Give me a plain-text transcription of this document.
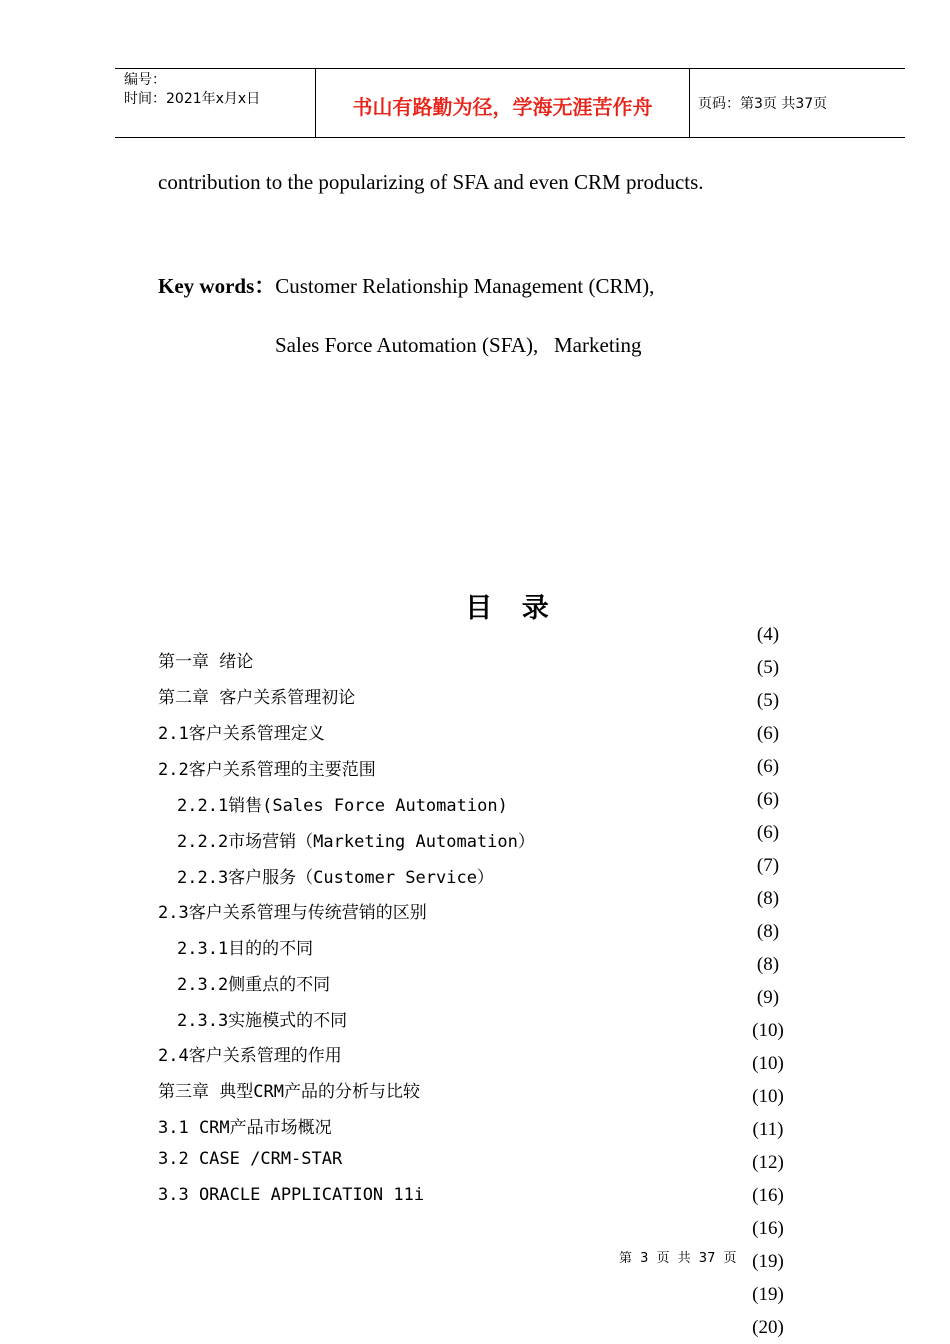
编号：
时间：2021年x月x日	书山有路勤为径，学海无涯苦作舟	页码：第3页 共37页
contribution to the popularizing of SFA and even CRM products.
Key words：Customer Relationship Management (CRM),
Sales Force Automation (SFA),   Marketing
目 录
第一章 绪论
第二章 客户关系管理初论
2.1客户关系管理定义
2.2客户关系管理的主要范围
2.2.1销售(Sales Force Automation)
2.2.2市场营销（Marketing Automation）
2.2.3客户服务（Customer Service）
2.3客户关系管理与传统营销的区别
2.3.1目的的不同
2.3.2侧重点的不同
2.3.3实施模式的不同
2.4客户关系管理的作用
第三章 典型CRM产品的分析与比较
3.1 CRM产品市场概况
3.2 CASE /CRM-STAR
3.3 ORACLE APPLICATION 11i
(4)
(5)
(5)
(6)
(6)
(6)
(6)
(7)
(8)
(8)
(8)
(9)
(10)
(10)
(10)
(11)
(12)
(16)
(16)
(19)
(19)
(20)
第 3 页 共 37 页
